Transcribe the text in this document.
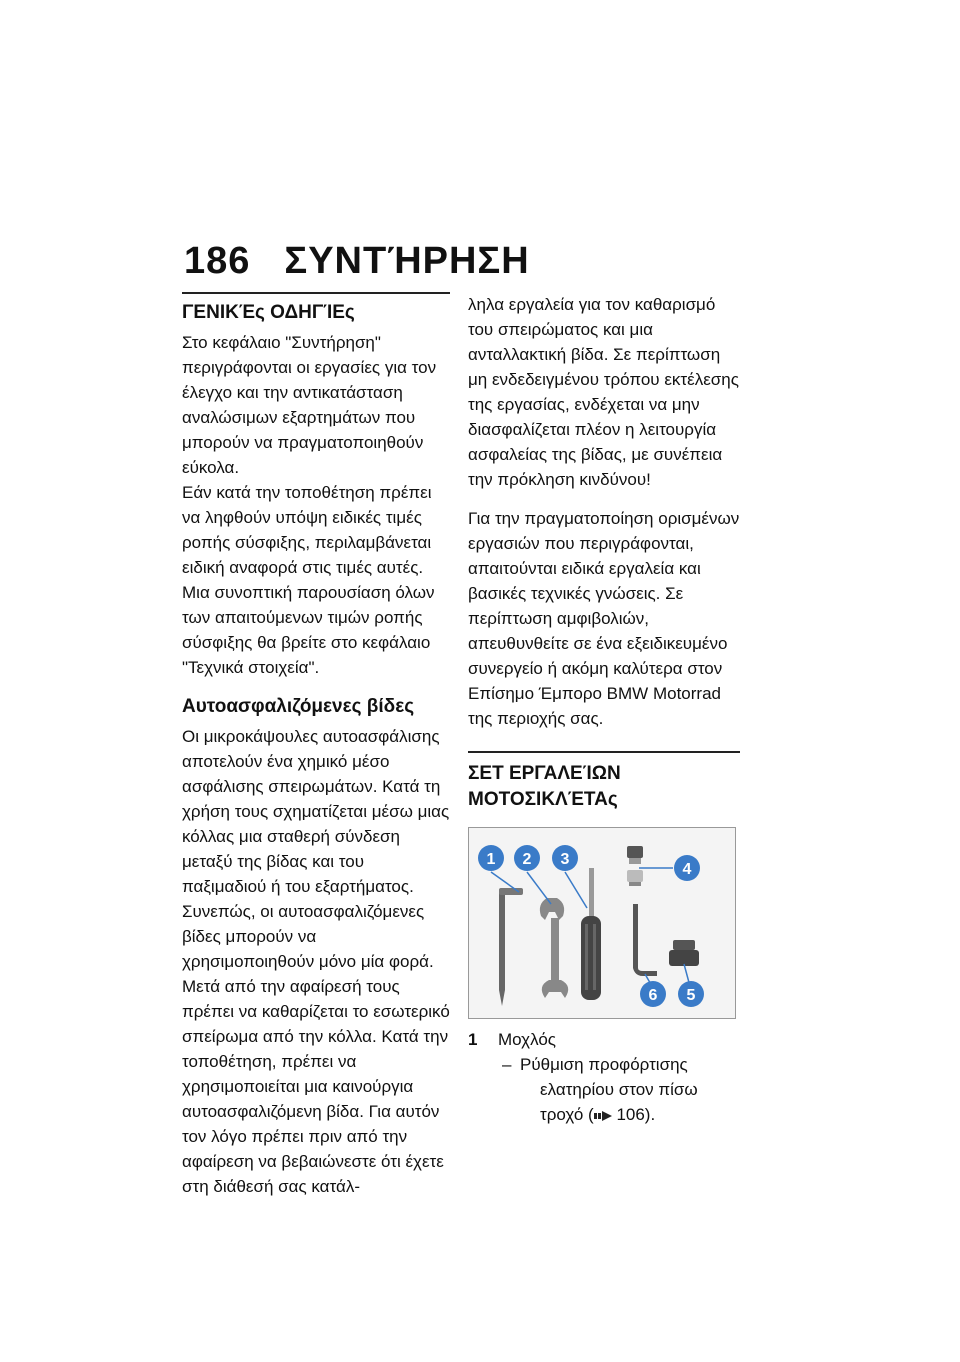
186 ΣΥΝΤΉΡΗΣΗ
ΓΕΝΙΚΈς ΟΔΗΓΊΕς

Στο κεφάλαιο "Συντήρηση" περιγράφονται οι εργασίες για τον έλεγχο και την αντικατάσταση αναλώσιμων εξαρτημάτων που μπορούν να πραγματοποιηθούν εύκολα.

Εάν κατά την τοποθέτηση πρέπει να ληφθούν υπόψη ειδικές τιμές ροπής σύσφιξης, περιλαμβάνεται ειδική αναφορά στις τιμές αυτές. Μια συνοπτική παρουσίαση όλων των απαιτούμενων τιμών ροπής σύσφιξης θα βρείτε στο κεφάλαιο "Τεχνικά στοιχεία".

Αυτοασφαλιζόμενες βίδες

Οι μικροκάψουλες αυτοασφάλισης αποτελούν ένα χημικό μέσο ασφάλισης σπειρωμάτων. Κατά τη χρήση τους σχηματίζεται μέσω μιας κόλλας μια σταθερή σύνδεση μεταξύ της βίδας και του παξιμαδιού ή του εξαρτήματος. Συνεπώς, οι αυτοασφαλιζόμενες βίδες μπορούν να χρησιμοποιηθούν μόνο μία φορά. Μετά από την αφαίρεσή τους πρέπει να καθαρίζεται το εσωτερικό σπείρωμα από την κόλλα. Κατά την τοποθέτηση, πρέπει να χρησιμοποιείται μια καινούργια αυτοασφαλιζόμενη βίδα. Για αυτόν τον λόγο πρέπει πριν από την αφαίρεση να βεβαιώνεστε ότι έχετε στη διάθεσή σας κατάλ-

ληλα εργαλεία για τον καθαρισμό του σπειρώματος και μια ανταλλακτική βίδα. Σε περίπτωση μη ενδεδειγμένου τρόπου εκτέλεσης της εργασίας, ενδέχεται να μην διασφαλίζεται πλέον η λειτουργία ασφαλείας της βίδας, με συνέπεια την πρόκληση κινδύνου!

Για την πραγματοποίηση ορισμένων εργασιών που περιγράφονται, απαιτούνται ειδικά εργαλεία και βασικές τεχνικές γνώσεις. Σε περίπτωση αμφιβολιών, απευθυνθείτε σε ένα εξειδικευμένο συνεργείο ή ακόμη καλύτερα στον Επίσημο Έμπορο BMW Motorrad της περιοχής σας.

ΣΕΤ ΕΡΓΑΛΕΊΩΝ ΜΟΤΟΣΙΚΛΈΤΑς
1 2 3
4
5
6
1	Μοχλός
– Ρύθμιση προφόρτισης
ελατηρίου στον πίσω
τροχό ( 106).
